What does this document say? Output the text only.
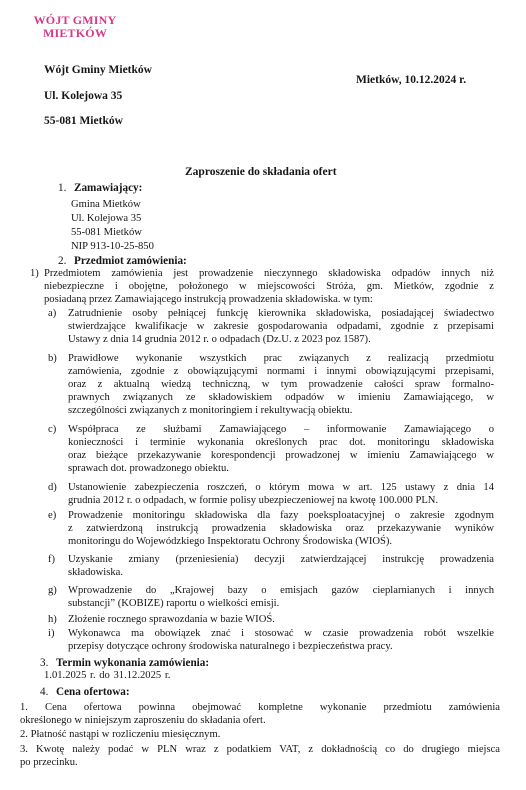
WÓJT GMINY
MIETKÓW
Wójt Gminy Mietków
Ul. Kolejowa 35
55-081 Mietków
Mietków, 10.12.2024 r.
Zaproszenie do składania ofert
1. Zamawiający:
Gmina Mietków
Ul. Kolejowa 35
55-081 Mietków
NIP 913-10-25-850
2. Przedmiot zamówienia:
1) Przedmiotem zamówienia jest prowadzenie nieczynnego składowiska odpadów innych niż
niebezpieczne i obojętne, położonego w miejscowości Stróża, gm. Mietków, zgodnie z
posiadaną przez Zamawiającego instrukcją prowadzenia składowiska. w tym:
a) Zatrudnienie osoby pełniącej funkcję kierownika składowiska, posiadającej świadectwo
stwierdzające kwalifikacje w zakresie gospodarowania odpadami, zgodnie z przepisami
Ustawy z dnia 14 grudnia 2012 r. o odpadach (Dz.U. z 2023 poz 1587).
b) Prawidłowe wykonanie wszystkich prac związanych z realizacją przedmiotu
zamówienia, zgodnie z obowiązującymi normami i innymi obowiązującymi przepisami,
oraz z aktualną wiedzą techniczną, w tym prowadzenie całości spraw formalno-
prawnych związanych ze składowiskiem odpadów w imieniu Zamawiającego, w
szczególności związanych z monitoringiem i rekultywacją obiektu.
c) Współpraca ze służbami Zamawiającego – informowanie Zamawiającego o
konieczności i terminie wykonania określonych prac dot. monitoringu składowiska
oraz bieżące przekazywanie korespondencji prowadzonej w imieniu Zamawiającego w
sprawach dot. prowadzonego obiektu.
d) Ustanowienie zabezpieczenia roszczeń, o którym mowa w art. 125 ustawy z dnia 14
grudnia 2012 r. o odpadach, w formie polisy ubezpieczeniowej na kwotę 100.000 PLN.
e) Prowadzenie monitoringu składowiska dla fazy poeksploatacyjnej o zakresie zgodnym
z zatwierdzoną instrukcją prowadzenia składowiska oraz przekazywanie wyników
monitoringu do Wojewódzkiego Inspektoratu Ochrony Środowiska (WIOŚ).
f) Uzyskanie zmiany (przeniesienia) decyzji zatwierdzającej instrukcję prowadzenia
składowiska.
g) Wprowadzenie do „Krajowej bazy o emisjach gazów cieplarnianych i innych
substancji” (KOBIZE) raportu o wielkości emisji.
h) Złożenie rocznego sprawozdania w bazie WIOŚ.
i) Wykonawca ma obowiązek znać i stosować w czasie prowadzenia robót wszelkie
przepisy dotyczące ochrony środowiska naturalnego i bezpieczeństwa pracy.
3. Termin wykonania zamówienia:
1.01.2025 r. do 31.12.2025 r.
4. Cena ofertowa:
1. Cena ofertowa powinna obejmować kompletne wykonanie przedmiotu zamówienia
określonego w niniejszym zaproszeniu do składania ofert.
2. Płatność nastąpi w rozliczeniu miesięcznym.
3. Kwotę należy podać w PLN wraz z podatkiem VAT, z dokładnością co do drugiego miejsca
po przecinku.
